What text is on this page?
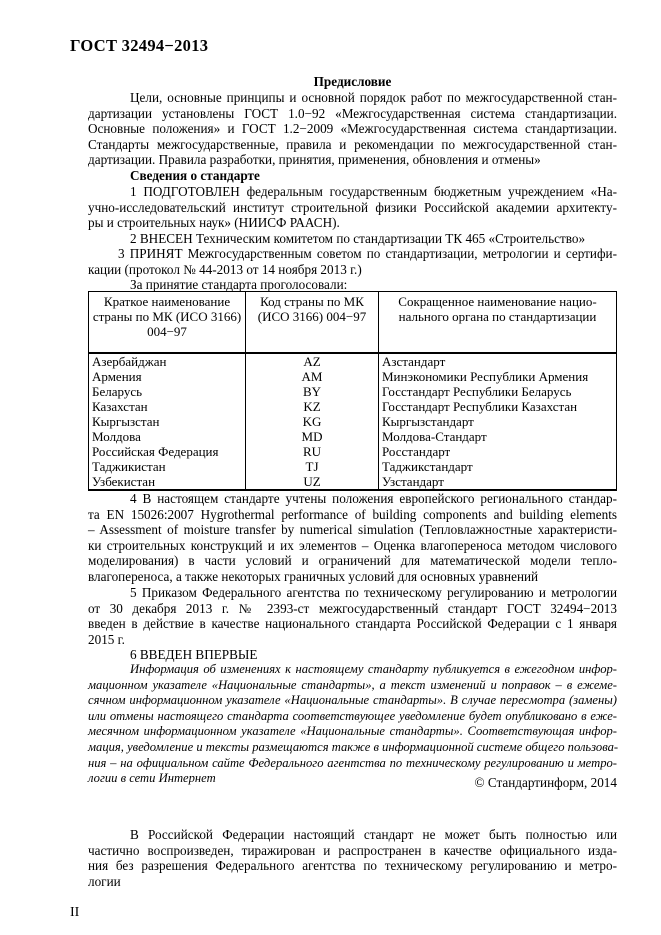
ГОСТ 32494−2013
Предисловие
Цели, основные принципы и основной порядок работ по межгосударственной стан-
дартизации установлены ГОСТ 1.0−92 «Межгосударственная система стандартизации.
Основные положения» и ГОСТ 1.2−2009 «Межгосударственная система стандартизации.
Стандарты межгосударственные, правила и рекомендации по межгосударственной стан-
дартизации. Правила разработки, принятия, применения, обновления и отмены»
Сведения о стандарте
1 ПОДГОТОВЛЕН федеральным государственным бюджетным учреждением «На-
учно-исследовательский институт строительной физики Российской академии архитекту-
ры и строительных наук» (НИИСФ РААСН).
2 ВНЕСЕН Техническим комитетом по стандартизации ТК 465 «Строительство»
3 ПРИНЯТ Межгосударственным советом по стандартизации, метрологии и сертифи-
кации (протокол № 44-2013 от 14 ноября 2013 г.)
За принятие стандарта проголосовали:
Краткое наименование страны по МК (ИСО 3166) 004−97	Код страны по МК (ИСО 3166) 004−97	Сокращенное наименование нацио-нального органа по стандартизации
Азербайджан	AZ	Азстандарт
Армения	AM	Минэкономики Республики Армения
Беларусь	BY	Госстандарт Республики Беларусь
Казахстан	KZ	Госстандарт Республики Казахстан
Кыргызстан	KG	Кыргызстандарт
Молдова	MD	Молдова-Стандарт
Российская Федерация	RU	Росстандарт
Таджикистан	TJ	Таджикстандарт
Узбекистан	UZ	Узстандарт
4 В настоящем стандарте учтены положения европейского регионального стандар-
та EN 15026:2007 Hygrothermal performance of building components and building elements
– Assessment of moisture transfer by numerical simulation (Тепловлажностные характеристи-
ки строительных конструкций и их элементов – Оценка влагопереноса методом числового
моделирования) в части условий и ограничений для математической модели тепло-
влагопереноса, а также некоторых граничных условий для основных уравнений
5 Приказом Федерального агентства по техническому регулированию и метрологии
от 30 декабря 2013 г. № 2393-ст межгосударственный стандарт ГОСТ 32494−2013
введен в действие в качестве национального стандарта Российской Федерации с 1 января
2015 г.
6 ВВЕДЕН ВПЕРВЫЕ
Информация об изменениях к настоящему стандарту публикуется в ежегодном инфор-
мационном указателе «Национальные стандарты», а текст изменений и поправок – в ежеме-
сячном информационном указателе «Национальные стандарты». В случае пересмотра (замены)
или отмены настоящего стандарта соответствующее уведомление будет опубликовано в еже-
месячном информационном указателе «Национальные стандарты». Соответствующая инфор-
мация, уведомление и тексты размещаются также в информационной системе общего пользова-
ния – на официальном сайте Федерального агентства по техническому регулированию и метро-
логии в сети Интернет	© Стандартинформ, 2014
В Российской Федерации настоящий стандарт не может быть полностью или
частично воспроизведен, тиражирован и распространен в качестве официального изда-
ния без разрешения Федерального агентства по техническому регулированию и метро-
логии
II
